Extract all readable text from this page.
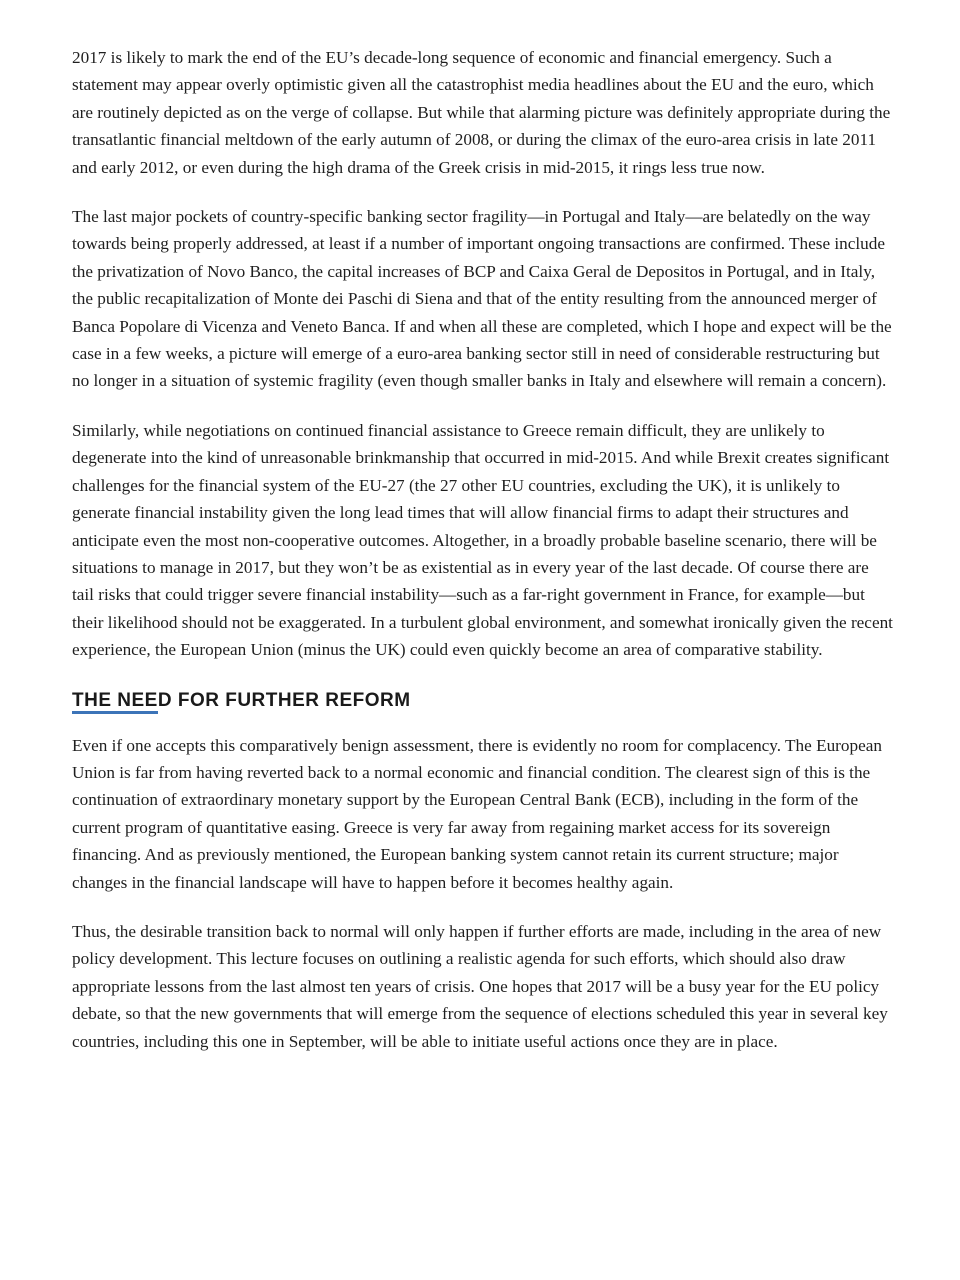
2017 is likely to mark the end of the EU’s decade-long sequence of economic and financial emergency. Such a statement may appear overly optimistic given all the catastrophist media headlines about the EU and the euro, which are routinely depicted as on the verge of collapse. But while that alarming picture was definitely appropriate during the transatlantic financial meltdown of the early autumn of 2008, or during the climax of the euro-area crisis in late 2011 and early 2012, or even during the high drama of the Greek crisis in mid-2015, it rings less true now.

The last major pockets of country-specific banking sector fragility—in Portugal and Italy—are belatedly on the way towards being properly addressed, at least if a number of important ongoing transactions are confirmed. These include the privatization of Novo Banco, the capital increases of BCP and Caixa Geral de Depositos in Portugal, and in Italy, the public recapitalization of Monte dei Paschi di Siena and that of the entity resulting from the announced merger of Banca Popolare di Vicenza and Veneto Banca. If and when all these are completed, which I hope and expect will be the case in a few weeks, a picture will emerge of a euro-area banking sector still in need of considerable restructuring but no longer in a situation of systemic fragility (even though smaller banks in Italy and elsewhere will remain a concern).

Similarly, while negotiations on continued financial assistance to Greece remain difficult, they are unlikely to degenerate into the kind of unreasonable brinkmanship that occurred in mid-2015. And while Brexit creates significant challenges for the financial system of the EU-27 (the 27 other EU countries, excluding the UK), it is unlikely to generate financial instability given the long lead times that will allow financial firms to adapt their structures and anticipate even the most non-cooperative outcomes. Altogether, in a broadly probable baseline scenario, there will be situations to manage in 2017, but they won’t be as existential as in every year of the last decade. Of course there are tail risks that could trigger severe financial instability—such as a far-right government in France, for example—but their likelihood should not be exaggerated. In a turbulent global environment, and somewhat ironically given the recent experience, the European Union (minus the UK) could even quickly become an area of comparative stability.

THE NEED FOR FURTHER REFORM

Even if one accepts this comparatively benign assessment, there is evidently no room for complacency. The European Union is far from having reverted back to a normal economic and financial condition. The clearest sign of this is the continuation of extraordinary monetary support by the European Central Bank (ECB), including in the form of the current program of quantitative easing. Greece is very far away from regaining market access for its sovereign financing. And as previously mentioned, the European banking system cannot retain its current structure; major changes in the financial landscape will have to happen before it becomes healthy again.

Thus, the desirable transition back to normal will only happen if further efforts are made, including in the area of new policy development. This lecture focuses on outlining a realistic agenda for such efforts, which should also draw appropriate lessons from the last almost ten years of crisis. One hopes that 2017 will be a busy year for the EU policy debate, so that the new governments that will emerge from the sequence of elections scheduled this year in several key countries, including this one in September, will be able to initiate useful actions once they are in place.
